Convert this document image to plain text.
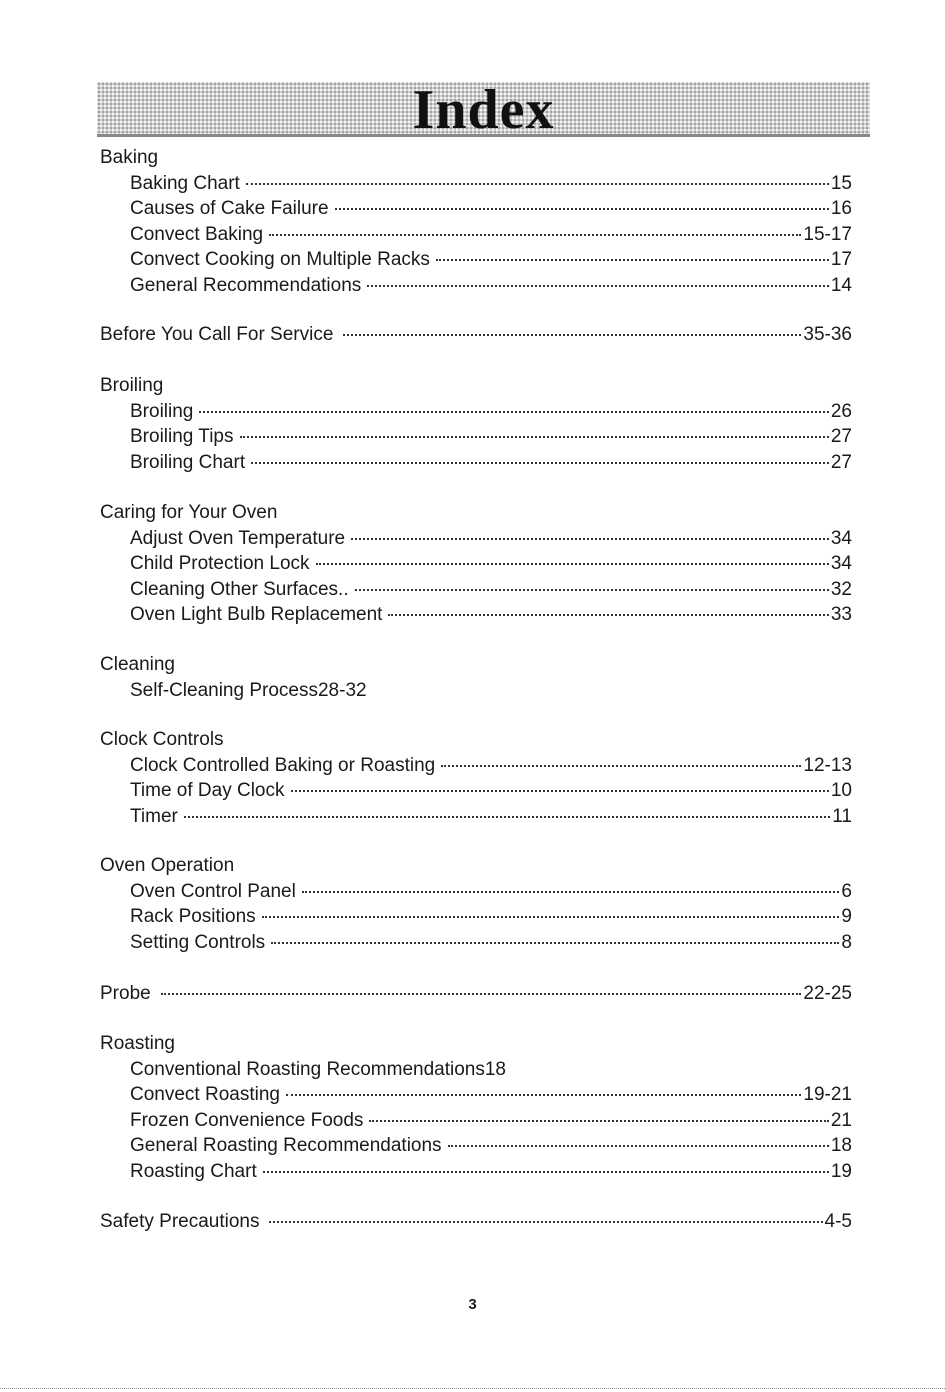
Index
Baking
Baking Chart	15
Causes of Cake Failure	16
Convect Baking	15-17
Convect Cooking on Multiple Racks	17
General Recommendations	14
Before You Call For Service	35-36
Broiling
Broiling	26
Broiling Tips	27
Broiling Chart	27
Caring for Your Oven
Adjust Oven Temperature	34
Child Protection Lock	34
Cleaning Other Surfaces..	32
Oven Light Bulb Replacement	33
Cleaning
Self-Cleaning Process28-32
Clock Controls
Clock Controlled Baking or Roasting	12-13
Time of Day Clock	10
Timer	11
Oven Operation
Oven Control Panel	6
Rack Positions	9
Setting Controls	8
Probe	22-25
Roasting
Conventional Roasting Recommendations18
Convect Roasting	19-21
Frozen Convenience Foods	21
General Roasting Recommendations	18
Roasting Chart	19
Safety Precautions	4-5
3
